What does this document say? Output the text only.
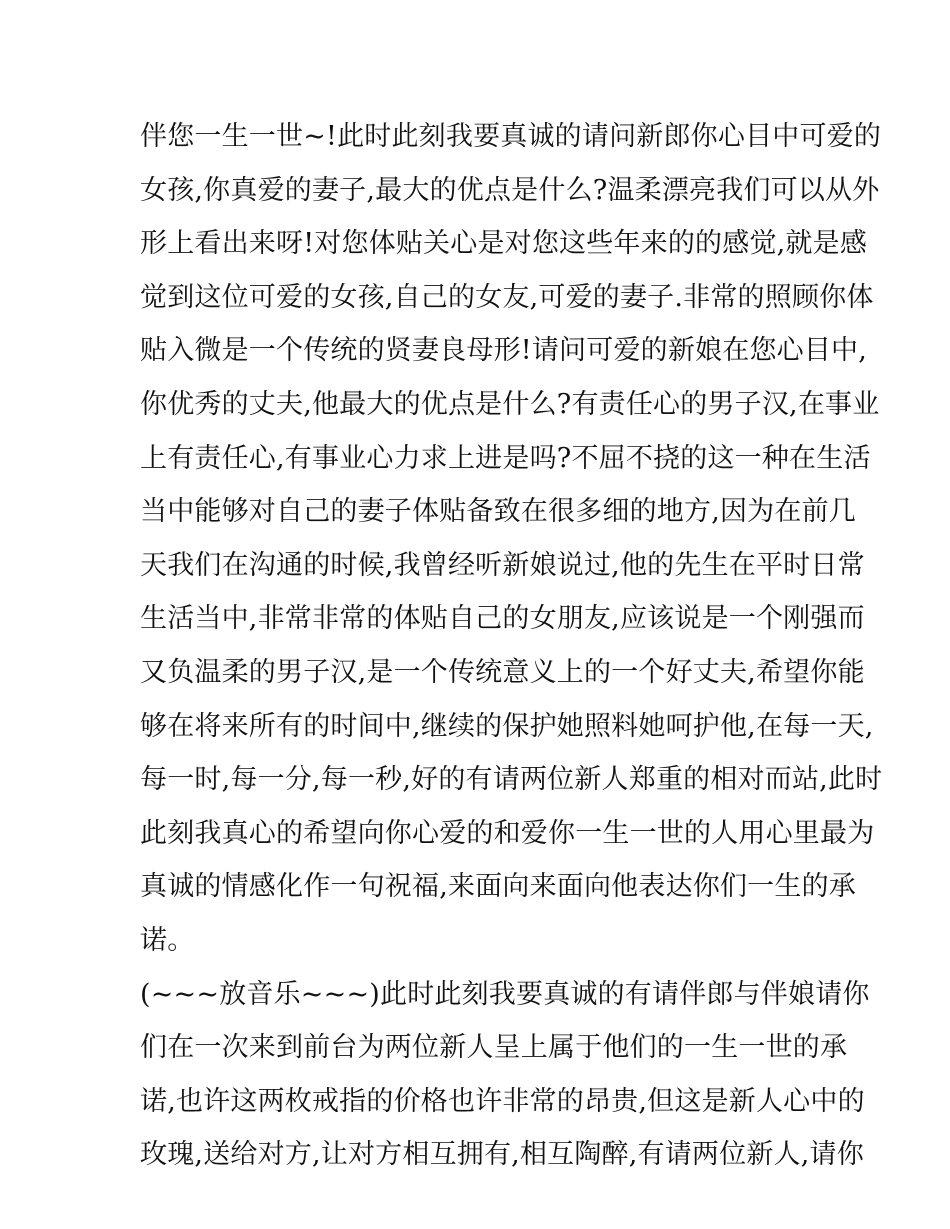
伴您一生一世~!此时此刻我要真诚的请问新郎你心目中可爱的
女孩,你真爱的妻子,最大的优点是什么?温柔漂亮我们可以从外
形上看出来呀!对您体贴关心是对您这些年来的的感觉,就是感
觉到这位可爱的女孩,自己的女友,可爱的妻子.非常的照顾你体
贴入微是一个传统的贤妻良母形!请问可爱的新娘在您心目中,
你优秀的丈夫,他最大的优点是什么?有责任心的男子汉,在事业
上有责任心,有事业心力求上进是吗?不屈不挠的这一种在生活
当中能够对自己的妻子体贴备致在很多细的地方,因为在前几
天我们在沟通的时候,我曾经听新娘说过,他的先生在平时日常
生活当中,非常非常的体贴自己的女朋友,应该说是一个刚强而
又负温柔的男子汉,是一个传统意义上的一个好丈夫,希望你能
够在将来所有的时间中,继续的保护她照料她呵护他,在每一天,
每一时,每一分,每一秒,好的有请两位新人郑重的相对而站,此时
此刻我真心的希望向你心爱的和爱你一生一世的人用心里最为
真诚的情感化作一句祝福,来面向来面向他表达你们一生的承
诺。
(~~~放音乐~~~)此时此刻我要真诚的有请伴郎与伴娘请你
们在一次来到前台为两位新人呈上属于他们的一生一世的承
诺,也许这两枚戒指的价格也许非常的昂贵,但这是新人心中的
玫瑰,送给对方,让对方相互拥有,相互陶醉,有请两位新人,请你
